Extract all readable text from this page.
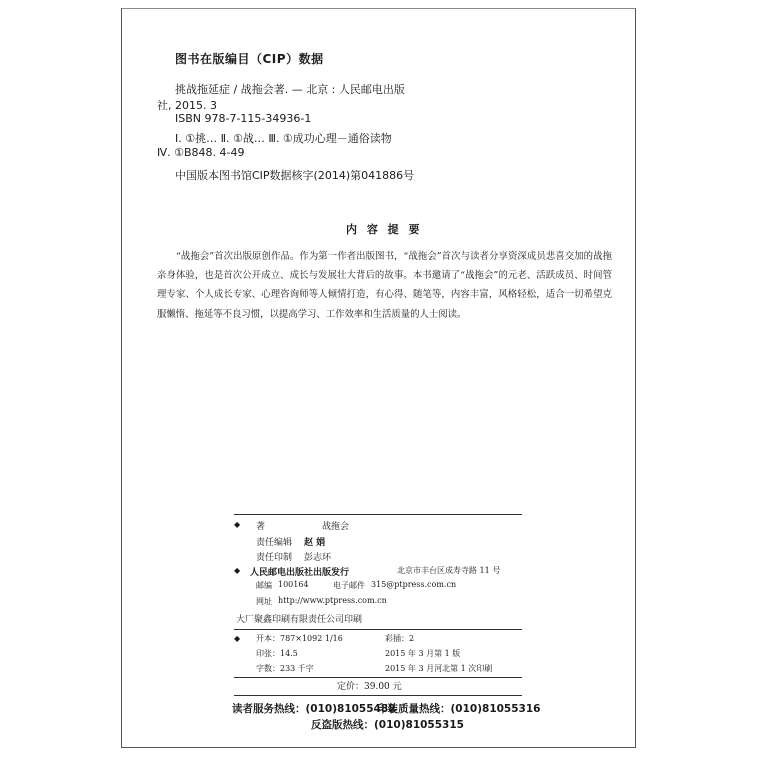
图书在版编目（CIP）数据
挑战拖延症 / 战拖会著. — 北京 : 人民邮电出版
社, 2015. 3
ISBN 978-7-115-34936-1
Ⅰ. ①挑… Ⅱ. ①战… Ⅲ. ①成功心理－通俗读物
Ⅳ. ①B848. 4-49
中国版本图书馆CIP数据核字(2014)第041886号
内 容 提 要
“战拖会”首次出版原创作品。作为第一作者出版图书，“战拖会”首次与读者分享资深成员悲喜交加的战拖亲身体验，也是首次公开成立、成长与发展壮大背后的故事。本书邀请了“战拖会”的元老、活跃成员、时间管理专家、个人成长专家、心理咨询师等人倾情打造，有心得、随笔等，内容丰富，风格轻松，适合一切希望克服懒惰、拖延等不良习惯，以提高学习、工作效率和生活质量的人士阅读。
◆ 著	战拖会
责任编辑 赵 娟
责任印制 彭志环
◆ 人民邮电出版社出版发行	北京市丰台区成寿寺路 11 号
邮编 100164	电子邮件 315@ptpress.com.cn
网址 http://www.ptpress.com.cn
大厂聚鑫印刷有限责任公司印刷
◆ 开本：787×1092 1/16	彩插：2
印张：14.5	2015 年 3 月第 1 版
字数：233 千字	2015 年 3 月河北第 1 次印刷
定价：39.00 元
读者服务热线：(010)81055488
印装质量热线：(010)81055316
反盗版热线：(010)81055315
